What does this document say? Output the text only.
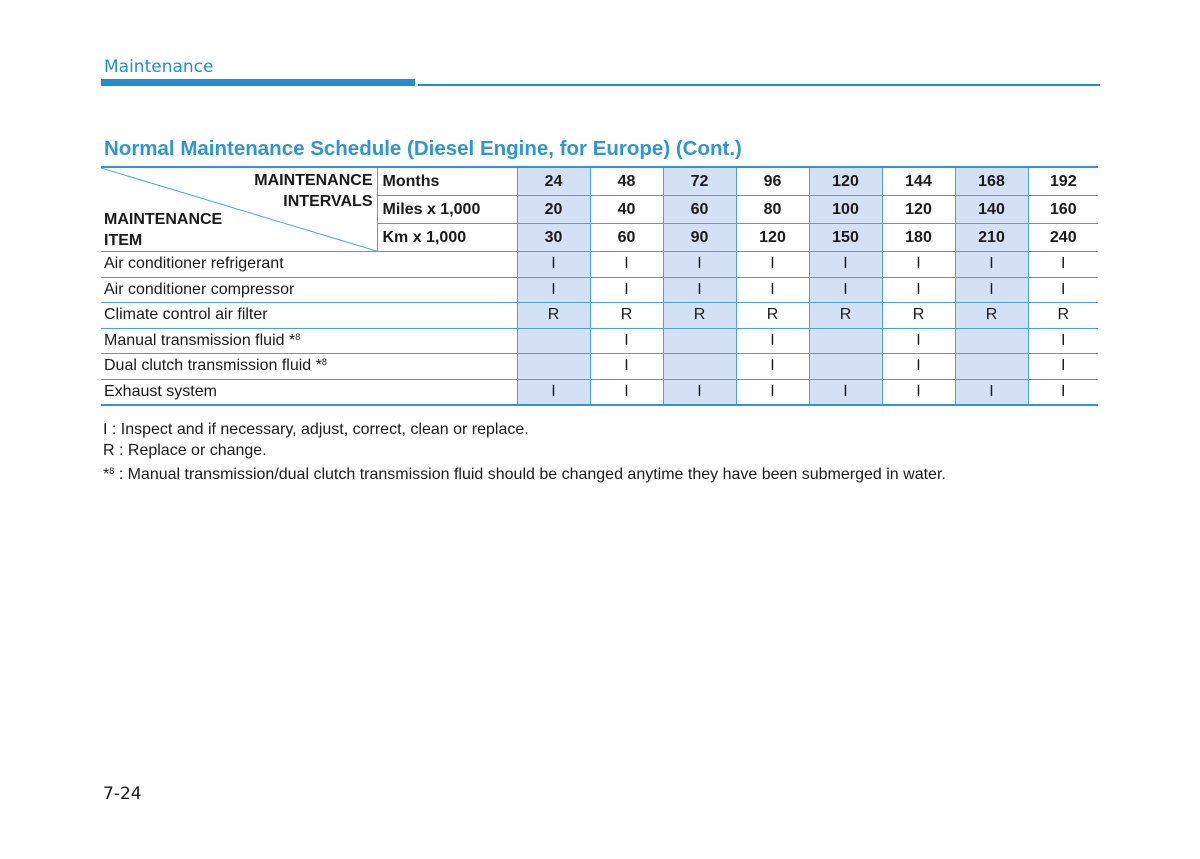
Maintenance
Normal Maintenance Schedule (Diesel Engine, for Europe) (Cont.)
MAINTENANCE
INTERVALS
MAINTENANCE
ITEM	Months	24	48	72	96	120	144	168	192
	Miles x 1,000	20	40	60	80	100	120	140	160
	Km x 1,000	30	60	90	120	150	180	210	240
Air conditioner refrigerant		I	I	I	I	I	I	I	I
Air conditioner compressor		I	I	I	I	I	I	I	I
Climate control air filter		R	R	R	R	R	R	R	R
Manual transmission fluid *$^8$			I		I		I		I
Dual clutch transmission fluid *$^8$			I		I		I		I
Exhaust system		I	I	I	I	I	I	I	I

I : Inspect and if necessary, adjust, correct, clean or replace.

R : Replace or change.

*$^8$ : Manual transmission/dual clutch transmission fluid should be changed anytime they have been submerged in water.

7-24
